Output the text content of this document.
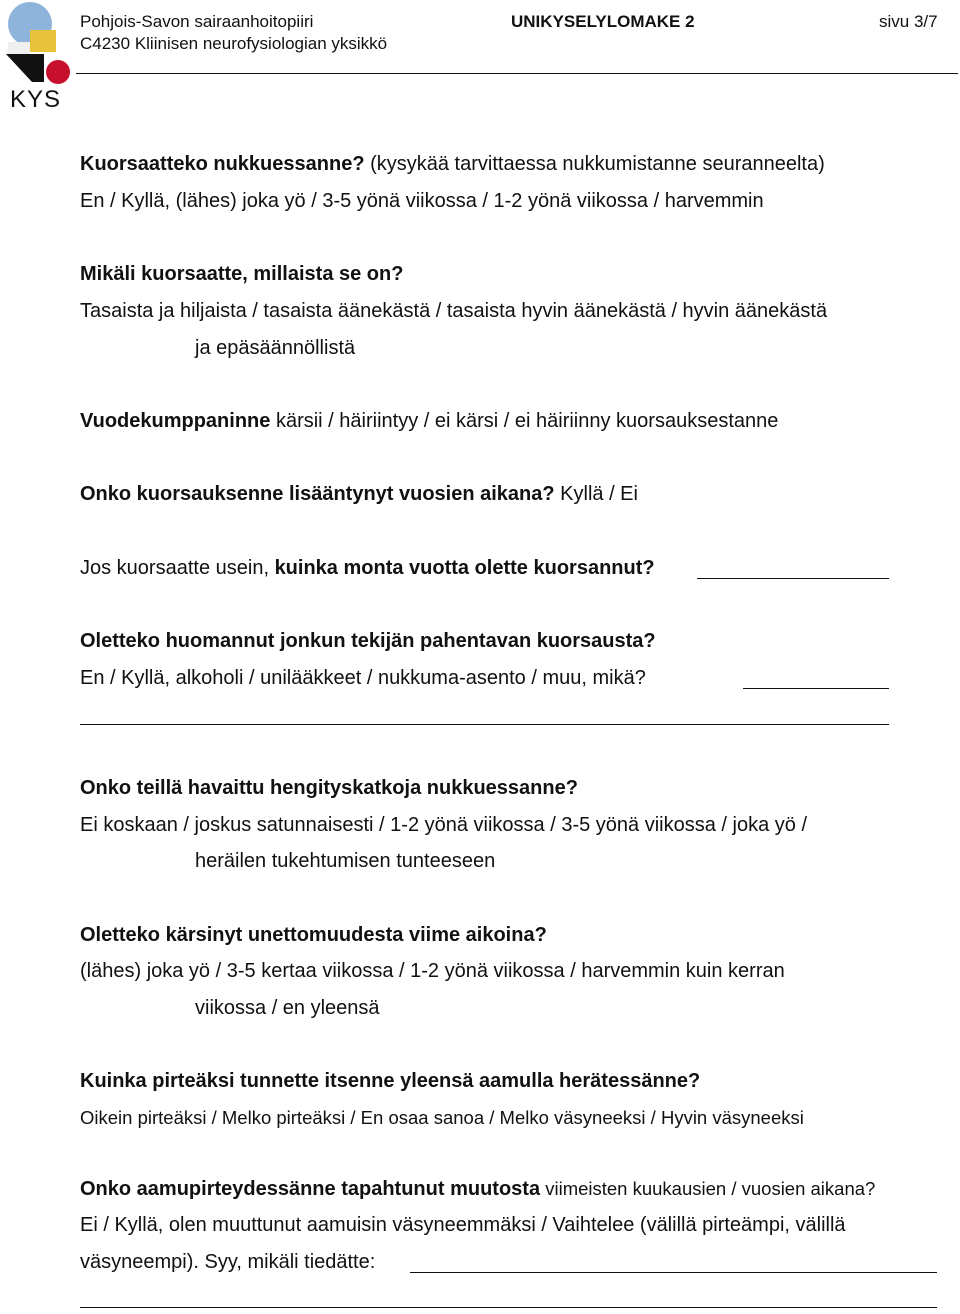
KYS
Pohjois-Savon sairaanhoitopiiri
C4230 Kliinisen neurofysiologian yksikkö
UNIKYSELYLOMAKE 2	sivu 3/7
Kuorsaatteko nukkuessanne? (kysykää tarvittaessa nukkumistanne seuranneelta)
En / Kyllä, (lähes) joka yö / 3-5 yönä viikossa / 1-2 yönä viikossa / harvemmin
Mikäli kuorsaatte, millaista se on?
Tasaista ja hiljaista / tasaista äänekästä / tasaista hyvin äänekästä / hyvin äänekästä
ja epäsäännöllistä
Vuodekumppaninne kärsii / häiriintyy / ei kärsi / ei häiriinny kuorsauksestanne
Onko kuorsauksenne lisääntynyt vuosien aikana? Kyllä / Ei
Jos kuorsaatte usein, kuinka monta vuotta olette kuorsannut?
Oletteko huomannut jonkun tekijän pahentavan kuorsausta?
En / Kyllä, alkoholi / unilääkkeet / nukkuma-asento / muu, mikä?
Onko teillä havaittu hengityskatkoja nukkuessanne?
Ei koskaan / joskus satunnaisesti / 1-2 yönä viikossa / 3-5 yönä viikossa / joka yö /
heräilen tukehtumisen tunteeseen
Oletteko kärsinyt unettomuudesta viime aikoina?
(lähes) joka yö / 3-5 kertaa viikossa / 1-2 yönä viikossa / harvemmin kuin kerran
viikossa / en yleensä
Kuinka pirteäksi tunnette itsenne yleensä aamulla herätessänne?
Oikein pirteäksi / Melko pirteäksi / En osaa sanoa / Melko väsyneeksi / Hyvin väsyneeksi
Onko aamupirteydessänne tapahtunut muutosta viimeisten kuukausien / vuosien aikana?
Ei / Kyllä, olen muuttunut aamuisin väsyneemmäksi / Vaihtelee (välillä pirteämpi, välillä
väsyneempi). Syy, mikäli tiedätte:
